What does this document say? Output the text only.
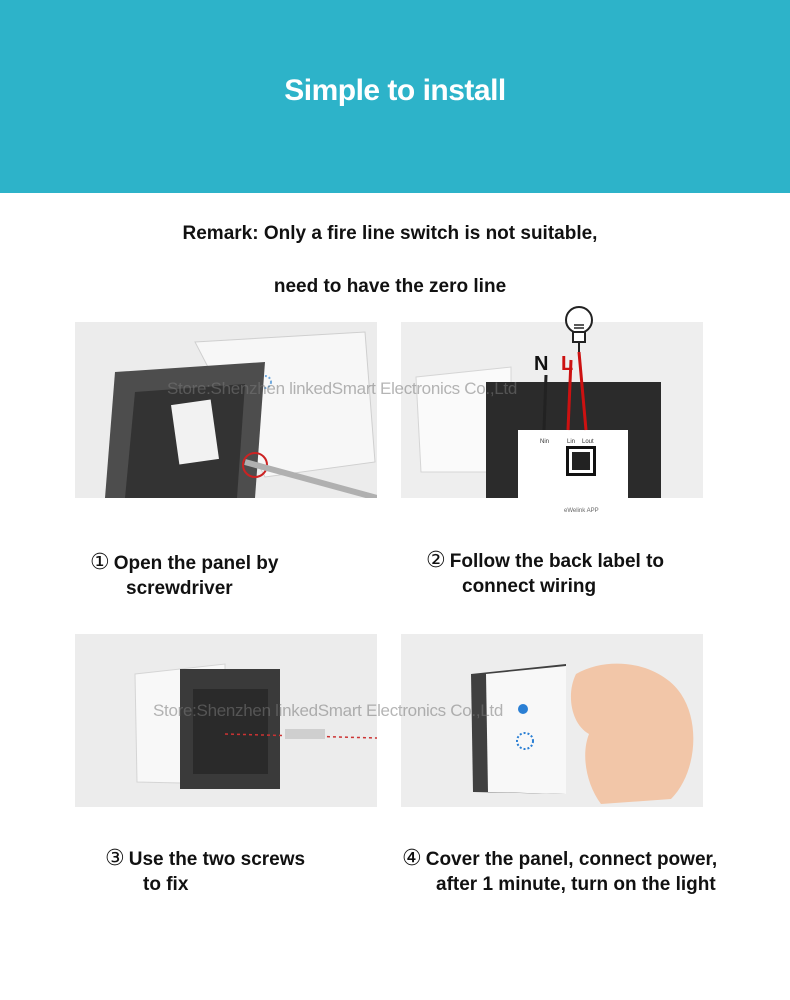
Simple to install
Remark: Only a fire line switch is not suitable,
need to have the zero line
N L
Nin	Lin Lout
eWelink APP
Store:Shenzhen linkedSmart Electronics Co.,Ltd
Store:Shenzhen linkedSmart Electronics Co.,Ltd
① Open the panel by
screwdriver
② Follow the back label to
connect wiring
③ Use the two screws
to fix
④ Cover the panel, connect power,
after 1 minute, turn on the light
